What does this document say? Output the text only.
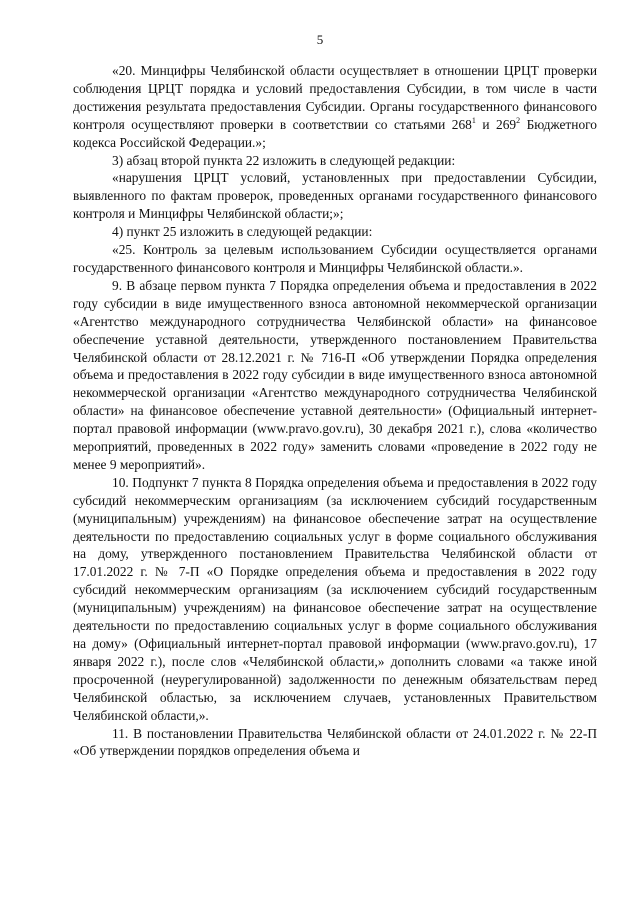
5

«20. Минцифры Челябинской области осуществляет в отношении ЦРЦТ проверки соблюдения ЦРЦТ порядка и условий предоставления Субсидии, в том числе в части достижения результата предоставления Субсидии. Органы государственного финансового контроля осуществляют проверки в соответствии со статьями $268^1$ и $269^2$ Бюджетного кодекса Российской Федерации.»;

3) абзац второй пункта 22 изложить в следующей редакции:

«нарушения ЦРЦТ условий, установленных при предоставлении Субсидии, выявленного по фактам проверок, проведенных органами государственного финансового контроля и Минцифры Челябинской области;»;

4) пункт 25 изложить в следующей редакции:

«25. Контроль за целевым использованием Субсидии осуществляется органами государственного финансового контроля и Минцифры Челябинской области.».

9. В абзаце первом пункта 7 Порядка определения объема и предоставления в 2022 году субсидии в виде имущественного взноса автономной некоммерческой организации «Агентство международного сотрудничества Челябинской области» на финансовое обеспечение уставной деятельности, утвержденного постановлением Правительства Челябинской области от 28.12.2021 г. № 716-П «Об утверждении Порядка определения объема и предоставления в 2022 году субсидии в виде имущественного взноса автономной некоммерческой организации «Агентство международного сотрудничества Челябинской области» на финансовое обеспечение уставной деятельности» (Официальный интернет-портал правовой информации (www.pravo.gov.ru), 30 декабря 2021 г.), слова «количество мероприятий, проведенных в 2022 году» заменить словами «проведение в 2022 году не менее 9 мероприятий».

10. Подпункт 7 пункта 8 Порядка определения объема и предоставления в 2022 году субсидий некоммерческим организациям (за исключением субсидий государственным (муниципальным) учреждениям) на финансовое обеспечение затрат на осуществление деятельности по предоставлению социальных услуг в форме социального обслуживания на дому, утвержденного постановлением Правительства Челябинской области от 17.01.2022 г. № 7-П «О Порядке определения объема и предоставления в 2022 году субсидий некоммерческим организациям (за исключением субсидий государственным (муниципальным) учреждениям) на финансовое обеспечение затрат на осуществление деятельности по предоставлению социальных услуг в форме социального обслуживания на дому» (Официальный интернет-портал правовой информации (www.pravo.gov.ru), 17 января 2022 г.), после слов «Челябинской области,» дополнить словами «а также иной просроченной (неурегулированной) задолженности по денежным обязательствам перед Челябинской областью, за исключением случаев, установленных Правительством Челябинской области,».

11. В постановлении Правительства Челябинской области от 24.01.2022 г. № 22-П «Об утверждении порядков определения объема и
